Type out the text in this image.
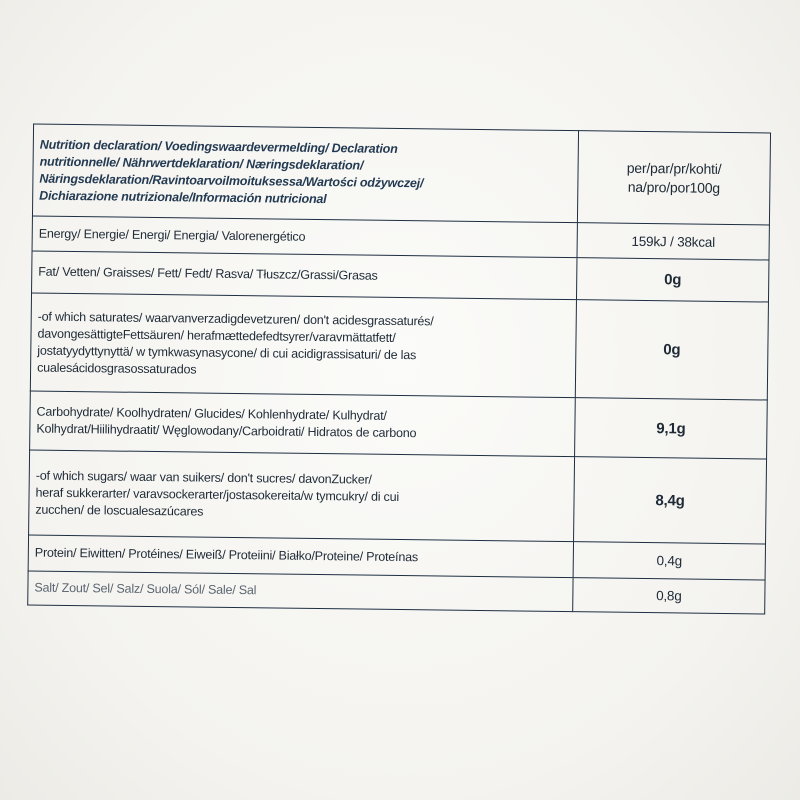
Nutrition declaration/ Voedingswaardevermelding/ Declaration
nutritionnelle/ Nährwertdeklaration/ Næringsdeklaration/
Näringsdeklaration/Ravintoarvoilmoituksessa/Wartości odżywczej/
Dichiarazione nutrizionale/Información nutricional	per/par/pr/kohti/
na/pro/por100g

Energy/ Energie/ Energi/ Energia/ Valorenergético	159kJ / 38kcal

Fat/ Vetten/ Graisses/ Fett/ Fedt/ Rasva/ Tłuszcz/Grassi/Grasas	0g

-of which saturates/ waarvanverzadigdevetzuren/ don't acidesgrassaturés/
davongesättigteFettsäuren/ herafmættedefedtsyrer/varavmättatfett/
jostatyydyttynyttä/ w tymkwasynasycone/ di cui acidigrassisaturi/ de las
cualesácidosgrasossaturados	0g

Carbohydrate/ Koolhydraten/ Glucides/ Kohlenhydrate/ Kulhydrat/
Kolhydrat/Hiilihydraatit/ Węglowodany/Carboidrati/ Hidratos de carbono	9,1g

-of which sugars/ waar van suikers/ don't sucres/ davonZucker/
heraf sukkerarter/ varavsockerarter/jostasokereita/w tymcukry/ di cui
zucchen/ de loscualesazúcares	8,4g

Protein/ Eiwitten/ Protéines/ Eiweiß/ Proteiini/ Białko/Proteine/ Proteínas	0,4g

Salt/ Zout/ Sel/ Salz/ Suola/ Sól/ Sale/ Sal	0,8g
